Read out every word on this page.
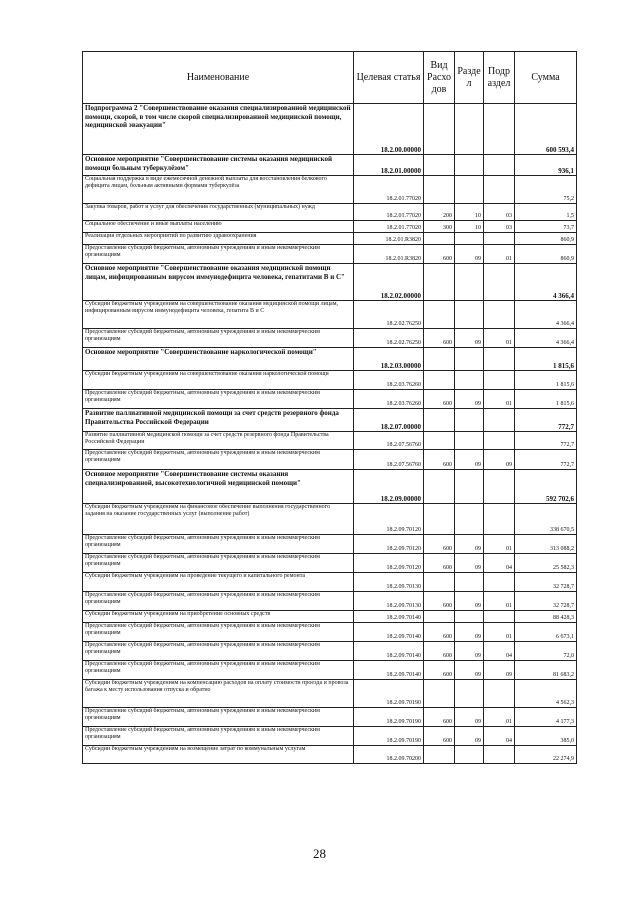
Наименование	Целевая статья	Вид Расхо дов	Разде л	Подр аздел	Сумма
Подпрограмма 2 "Совершенствование оказания специализированной медицинской помощи, скорой, в том числе скорой специализированной медицинской помощи, медицинской эвакуации"	18.2.00.00000				600 593,4
Основное мероприятие "Совершенствование системы оказания медицинской помощи больным туберкулёзом"	18.2.01.00000				936,1
Социальная поддержка в виде ежемесячной денежной выплаты для восстановления белкового дефицита лицам, больным активными формами туберкулёза	18.2.01.77020				75,2
Закупка товаров, работ и услуг для обеспечения государственных (муниципальных) нужд	18.2.01.77020	200	10	03	1,5
Социальное обеспечение и иные выплаты населению	18.2.01.77020	300	10	03	73,7
Реализация отдельных мероприятий по развитию здравоохранения	18.2.01.R3820				860,9
Предоставление субсидий бюджетным, автономным учреждениям и иным некоммерческим организациям	18.2.01.R3820	600	09	01	860,9
Основное мероприятие "Совершенствование оказания медицинской помощи лицам, инфицированным вирусом иммунодефицита человека, гепатитами В и С"	18.2.02.00000				4 366,4
Субсидии бюджетным учреждениям на совершенствование оказания медицинской помощи лицам, инфицированным вирусом иммунодефицита человека, гепатита В и С	18.2.02.76250				4 366,4
Предоставление субсидий бюджетным, автономным учреждениям и иным некоммерческим организациям	18.2.02.76250	600	09	01	4 366,4
Основное мероприятие "Совершенствование наркологической помощи"	18.2.03.00000				1 815,6
Субсидии бюджетным учреждениям на совершенствование оказания наркологической помощи	18.2.03.76260				1 815,6
Предоставление субсидий бюджетным, автономным учреждениям и иным некоммерческим организациям	18.2.03.76260	600	09	01	1 815,6
Развитие паллиативной медицинской помощи за счет средств резервного фонда Правительства Российской Федерации	18.2.07.00000				772,7
Развитие паллиативной медицинской помощи за счет средств резервного фонда Правительства Российской Федерации	18.2.07.56760				772,7
Предоставление субсидий бюджетным, автономным учреждениям и иным некоммерческим организациям	18.2.07.56760	600	09	09	772,7
Основное мероприятие "Совершенствование системы оказания специализированной, высокотехнологичной медицинской помощи"	18.2.09.00000				592 702,6
Субсидии бюджетным учреждениям на финансовое обеспечение выполнения государственного задания на оказание государственных услуг (выполнение работ)	18.2.09.70120				338 670,5
Предоставление субсидий бюджетным, автономным учреждениям и иным некоммерческим организациям	18.2.09.70120	600	09	01	313 088,2
Предоставление субсидий бюджетным, автономным учреждениям и иным некоммерческим организациям	18.2.09.70120	600	09	04	25 582,3
Субсидии бюджетным учреждениям на проведение текущего и капитального ремонта	18.2.09.70130				32 728,7
Предоставление субсидий бюджетным, автономным учреждениям и иным некоммерческим организациям	18.2.09.70130	600	09	01	32 728,7
Субсидии бюджетным учреждениям на приобретение основных средств	18.2.09.70140				88 428,3
Предоставление субсидий бюджетным, автономным учреждениям и иным некоммерческим организациям	18.2.09.70140	600	09	01	6 673,1
Предоставление субсидий бюджетным, автономным учреждениям и иным некоммерческим организациям	18.2.09.70140	600	09	04	72,0
Предоставление субсидий бюджетным, автономным учреждениям и иным некоммерческим организациям	18.2.09.70140	600	09	09	81 683,2
Субсидии бюджетным учреждениям на компенсацию расходов на оплату стоимости проезда и провоза багажа к месту использования отпуска и обратно	18.2.09.70190				4 562,3
Предоставление субсидий бюджетным, автономным учреждениям и иным некоммерческим организациям	18.2.09.70190	600	09	01	4 177,3
Предоставление субсидий бюджетным, автономным учреждениям и иным некоммерческим организациям	18.2.09.70190	600	09	04	385,0
Субсидии бюджетным учреждениям на возмещение затрат по коммунальным услугам	18.2.09.70200				22 274,9
28
